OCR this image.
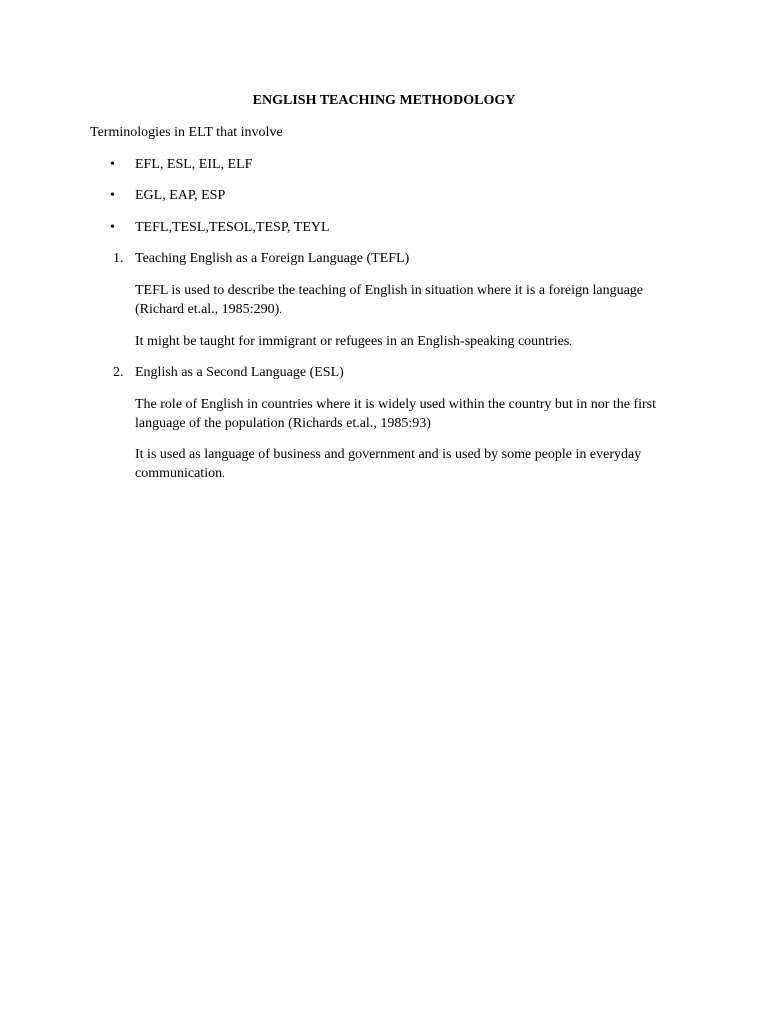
ENGLISH TEACHING METHODOLOGY
Terminologies in ELT that involve
• EFL, ESL, EIL, ELF
• EGL, EAP, ESP
• TEFL,TESL,TESOL,TESP, TEYL
1. Teaching English as a Foreign Language (TEFL)
TEFL is used to describe the teaching of English in situation where it is a foreign language (Richard et.al., 1985:290).
It might be taught for immigrant or refugees in an English-speaking countries.
2. English as a Second Language (ESL)
The role of English in countries where it is widely used within the country but in nor the first language of the population (Richards et.al., 1985:93)
It is used as language of business and government and is used by some people in everyday communication.
